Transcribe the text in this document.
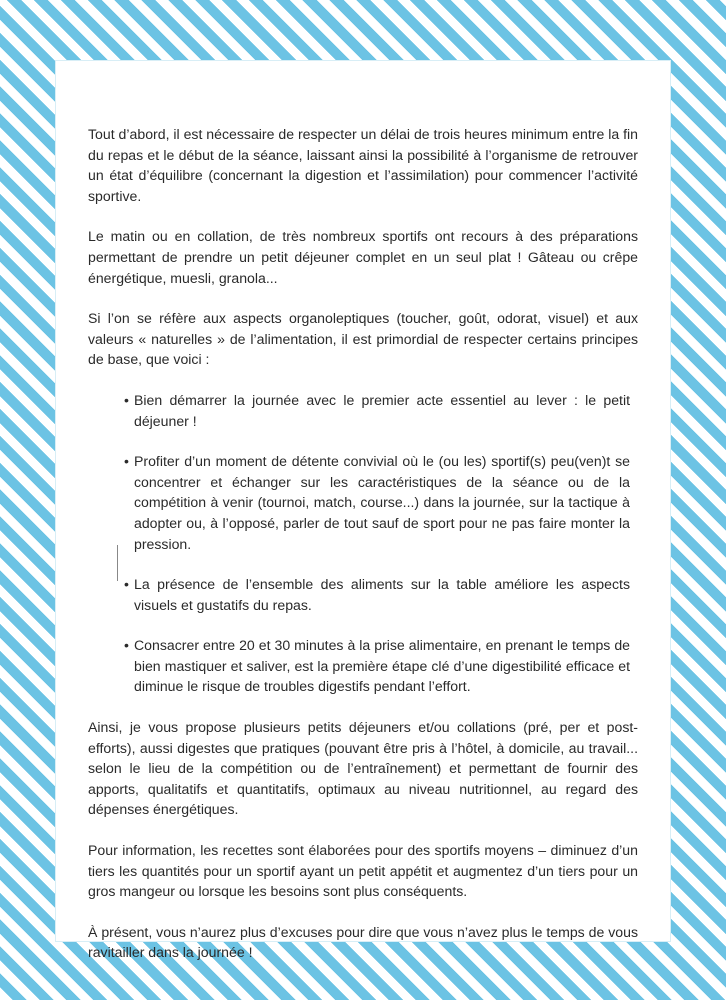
Tout d’abord, il est nécessaire de respecter un délai de trois heures minimum entre la fin du repas et le début de la séance, laissant ainsi la possibilité à l’organisme de retrouver un état d’équilibre (concernant la digestion et l’assimilation) pour commencer l’activité sportive.

Le matin ou en collation, de très nombreux sportifs ont recours à des préparations permettant de prendre un petit déjeuner complet en un seul plat ! Gâteau ou crêpe énergétique, muesli, granola...

Si l’on se réfère aux aspects organoleptiques (toucher, goût, odorat, visuel) et aux valeurs « naturelles » de l’alimentation, il est primordial de respecter certains principes de base, que voici :

• Bien démarrer la journée avec le premier acte essentiel au lever : le petit déjeuner !
• Profiter d’un moment de détente convivial où le (ou les) sportif(s) peu(ven)t se concentrer et échanger sur les caractéristiques de la séance ou de la compétition à venir (tournoi, match, course...) dans la journée, sur la tactique à adopter ou, à l’opposé, parler de tout sauf de sport pour ne pas faire monter la pression.
• La présence de l’ensemble des aliments sur la table améliore les aspects visuels et gustatifs du repas.
• Consacrer entre 20 et 30 minutes à la prise alimentaire, en prenant le temps de bien mastiquer et saliver, est la première étape clé d’une digestibilité efficace et diminue le risque de troubles digestifs pendant l’effort.

Ainsi, je vous propose plusieurs petits déjeuners et/ou collations (pré, per et post-efforts), aussi digestes que pratiques (pouvant être pris à l’hôtel, à domicile, au travail... selon le lieu de la compétition ou de l’entraînement) et permettant de fournir des apports, qualitatifs et quantitatifs, optimaux au niveau nutritionnel, au regard des dépenses énergétiques.

Pour information, les recettes sont élaborées pour des sportifs moyens – diminuez d’un tiers les quantités pour un sportif ayant un petit appétit et augmentez d’un tiers pour un gros mangeur ou lorsque les besoins sont plus conséquents.

À présent, vous n’aurez plus d’excuses pour dire que vous n’avez plus le temps de vous ravitailler dans la journée !
